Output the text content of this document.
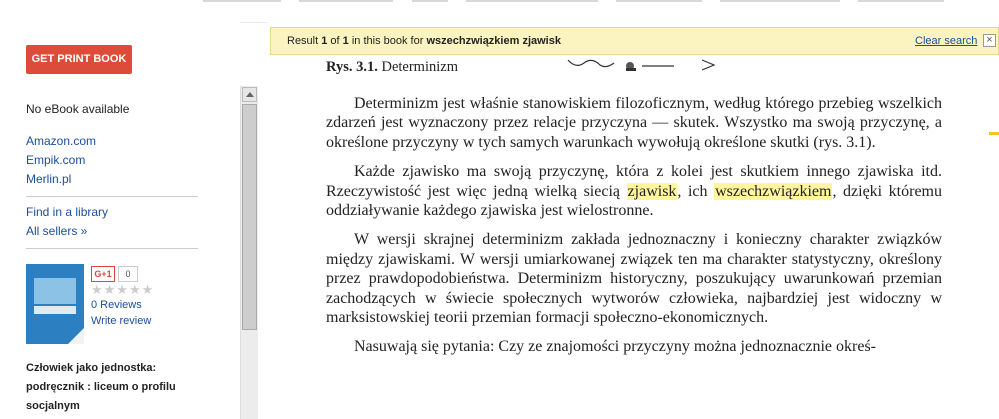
GET PRINT BOOK
No eBook available
Amazon.com
Empik.com
Merlin.pl
Find in a library
All sellers »
G+1	0
★★★★★
0 Reviews
Write review
Człowiek jako jednostka: podręcznik : liceum o profilu socjalnym
Result 1 of 1 in this book for wszechzwiązkiem zjawisk	Clear search ×

Rys. 3.1. Determinizm

Determinizm jest właśnie stanowiskiem filozoficznym, według którego przebieg wszelkich zdarzeń jest wyznaczony przez relacje przyczyna — skutek. Wszystko ma swoją przyczynę, a określone przyczyny w tych samych warunkach wywołują określone skutki (rys. 3.1).

Każde zjawisko ma swoją przyczynę, która z kolei jest skutkiem innego zjawiska itd. Rzeczywistość jest więc jedną wielką siecią zjawisk, ich wszechzwiązkiem, dzięki któremu oddziaływanie każdego zjawiska jest wielostronne.

W wersji skrajnej determinizm zakłada jednoznaczny i konieczny charakter związków między zjawiskami. W wersji umiarkowanej związek ten ma charakter statystyczny, określony przez prawdopodobieństwa. Determinizm historyczny, poszukujący uwarunkowań przemian zachodzących w świecie społecznych wytworów człowieka, najbardziej jest widoczny w marksistowskiej teorii przemian formacji społeczno-ekonomicznych.

Nasuwają się pytania: Czy ze znajomości przyczyny można jednoznacznie okreś-
